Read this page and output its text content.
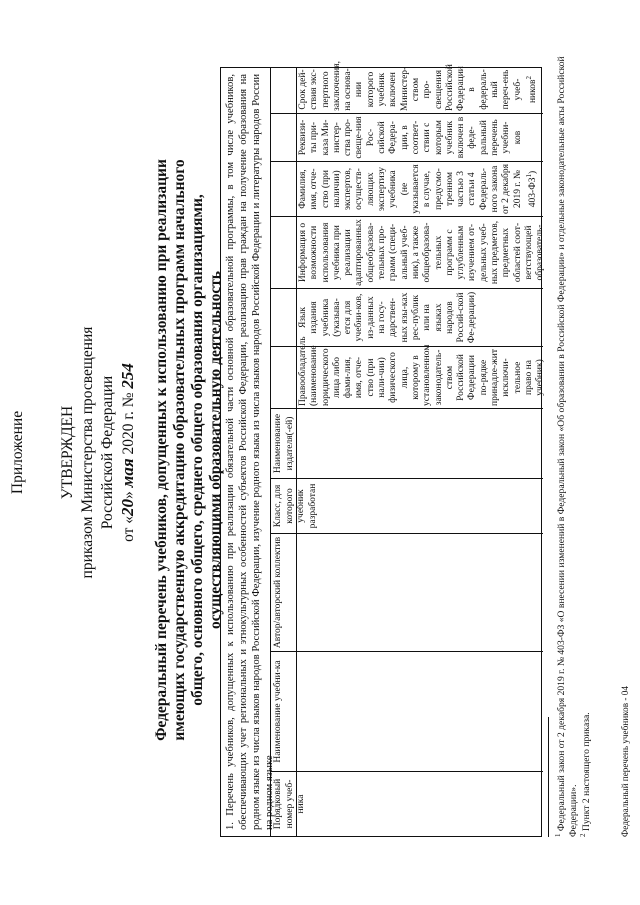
Приложение УТВЕРЖДЕН приказом Министерства просвещения Российской Федерации от «20» мая 2020 г. № 254 Федеральный перечень учебников, допущенных к использованию при реализации имеющих государственную аккредитацию образовательных программ начального общего, основного общего, среднего общего образования организациями, осуществляющими образовательную деятельность 1. Перечень учебников, допущенных к использованию при реализации обязательной части основной образовательной программы, в том числе учебников, обеспечивающих учет региональных и этнокультурных особенностей субъектов Российской Федерации, реализацию прав граждан на получение образования на родном языке из числа языков народов Российской Федерации, изучение родного языка из числа языков народов Российской Федерации и литературы народов России на родном языке
Порядковый номер учеб-ника
Наименование учебни-ка
Автор/авторский коллектив
Класс, для которого учебник разработан
Наименование издателя(-ей)
Правообладатель (наименование юридического лица либо фами-лия, имя, отче-ство (при нали-чии) физического лица, которому в установленном законодатель-ством Российской Федерации по-рядке принадле-жит исключи-тельное право на учебник)
Язык издания учебника (указыва-ется для учебни-ков, из-данных на госу-дарствен-ных язы-ках рес-публик или на языках народов Россий-ской Фе-дерации)
Информация о возможности использования учебника при реализации адаптированных общеобразова-тельных про-грамм (специ-альный учеб-ник), а также общеобразова-тельных программ с углубленным изучением от-дельных учеб-ных предметов, предметных областей соот-ветствующей образователь-
Фамилия, имя, отче-ство (при наличии) экспертов, осуществ-ляющих экспертизу учебника (не указывается в случае, предусмо-тренном частью 3 статьи 4 Федераль-ного закона от 2 декабря 2019 г. № $403-ФЗ^1$)
Реквизи-ты при-каза Ми-нистер-ства про-свеще-ния Рос-сийской Федера-ции, в соответ-ствии с которым учебник включен в феде-ральный перечень учебни-ков
Срок дей-ствия экс-пертного заключения, на основа-нии которого учебник включен Министер-ством про-свещения Российской Федерации в федераль-ный переч-ень учеб-ников$^2$
$^1$ Федеральный закон от 2 декабря 2019 г. № 403-ФЗ «О внесении изменений в Федеральный закон «Об образовании в Российской Федерации» и отдельные законодательные акты Российской Федерации». $^2$ Пункт 2 настоящего приказа.	Федеральный перечень учебников - 04
